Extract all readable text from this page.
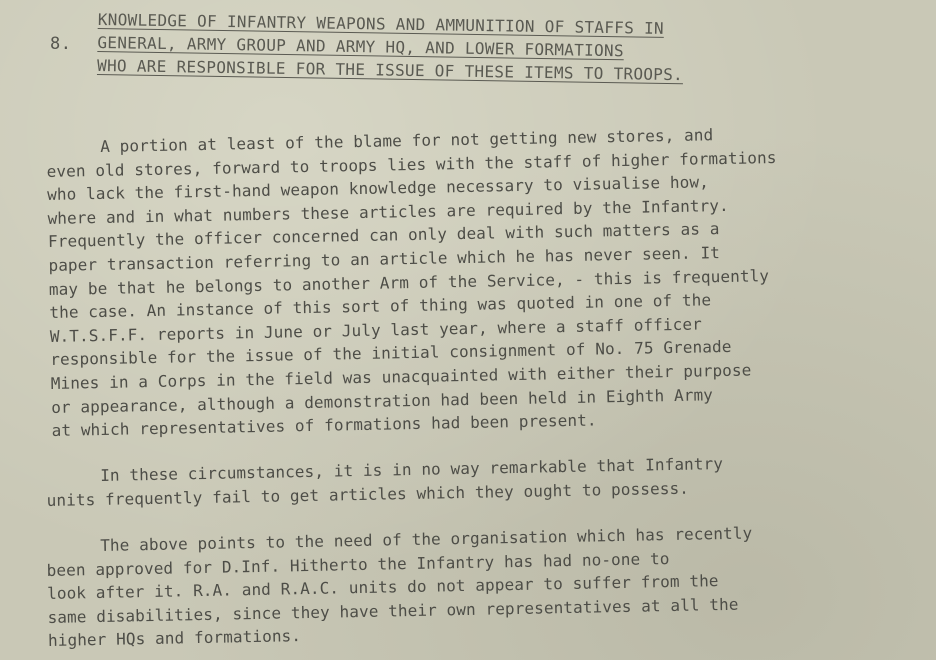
8.
KNOWLEDGE OF INFANTRY WEAPONS AND AMMUNITION OF STAFFS IN
GENERAL, ARMY GROUP AND ARMY HQ, AND LOWER FORMATIONS
WHO ARE RESPONSIBLE FOR THE ISSUE OF THESE ITEMS TO TROOPS.
A portion at least of the blame for not getting new stores, and
even old stores, forward to troops lies with the staff of higher formations
who lack the first-hand weapon knowledge necessary to visualise how,
where and in what numbers these articles are required by the Infantry.
Frequently the officer concerned can only deal with such matters as a
paper transaction referring to an article which he has never seen. It
may be that he belongs to another Arm of the Service, - this is frequently
the case. An instance of this sort of thing was quoted in one of the
W.T.S.F.F. reports in June or July last year, where a staff officer
responsible for the issue of the initial consignment of No. 75 Grenade
Mines in a Corps in the field was unacquainted with either their purpose
or appearance, although a demonstration had been held in Eighth Army
at which representatives of formations had been present.
In these circumstances, it is in no way remarkable that Infantry
units frequently fail to get articles which they ought to possess.
The above points to the need of the organisation which has recently
been approved for D.Inf. Hitherto the Infantry has had no-one to
look after it. R.A. and R.A.C. units do not appear to suffer from the
same disabilities, since they have their own representatives at all the
higher HQs and formations.
